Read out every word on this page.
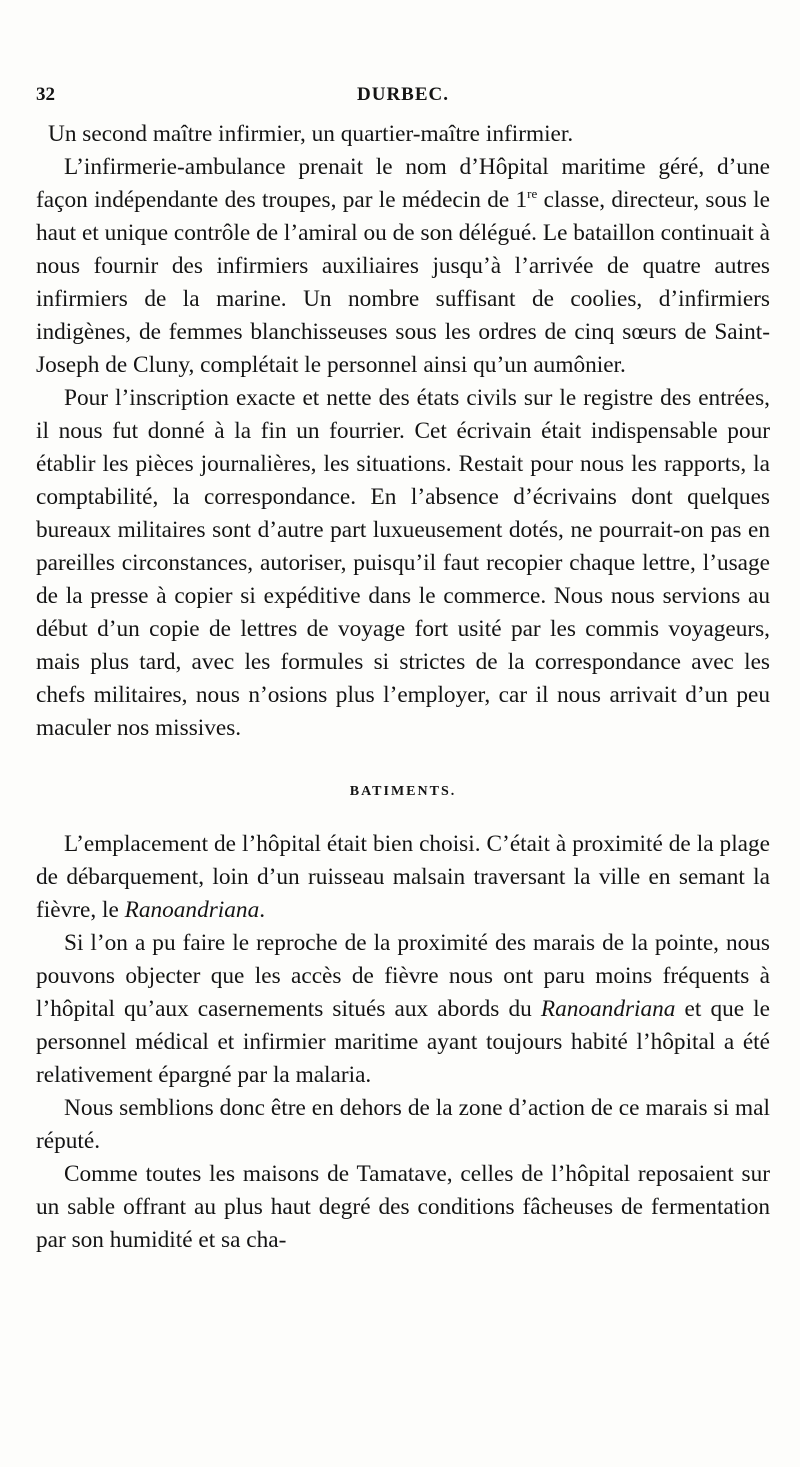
32	DURBEC.

Un second maître infirmier, un quartier-maître infirmier.

L’infirmerie-ambulance prenait le nom d’Hôpital maritime géré, d’une façon indépendante des troupes, par le médecin de 1re classe, directeur, sous le haut et unique contrôle de l’amiral ou de son délégué. Le bataillon continuait à nous fournir des infirmiers auxiliaires jusqu’à l’arrivée de quatre autres infirmiers de la marine. Un nombre suffisant de coolies, d’infirmiers indigènes, de femmes blanchisseuses sous les ordres de cinq sœurs de Saint-Joseph de Cluny, complétait le personnel ainsi qu’un aumônier.

Pour l’inscription exacte et nette des états civils sur le registre des entrées, il nous fut donné à la fin un fourrier. Cet écrivain était indispensable pour établir les pièces journalières, les situations. Restait pour nous les rapports, la comptabilité, la correspondance. En l’absence d’écrivains dont quelques bureaux militaires sont d’autre part luxueusement dotés, ne pourrait-on pas en pareilles circonstances, autoriser, puisqu’il faut recopier chaque lettre, l’usage de la presse à copier si expéditive dans le commerce. Nous nous servions au début d’un copie de lettres de voyage fort usité par les commis voyageurs, mais plus tard, avec les formules si strictes de la correspondance avec les chefs militaires, nous n’osions plus l’employer, car il nous arrivait d’un peu maculer nos missives.

BATIMENTS.

L’emplacement de l’hôpital était bien choisi. C’était à proximité de la plage de débarquement, loin d’un ruisseau malsain traversant la ville en semant la fièvre, le Ranoandriana.

Si l’on a pu faire le reproche de la proximité des marais de la pointe, nous pouvons objecter que les accès de fièvre nous ont paru moins fréquents à l’hôpital qu’aux casernements situés aux abords du Ranoandriana et que le personnel médical et infirmier maritime ayant toujours habité l’hôpital a été relativement épargné par la malaria.

Nous semblions donc être en dehors de la zone d’action de ce marais si mal réputé.

Comme toutes les maisons de Tamatave, celles de l’hôpital reposaient sur un sable offrant au plus haut degré des conditions fâcheuses de fermentation par son humidité et sa cha-
